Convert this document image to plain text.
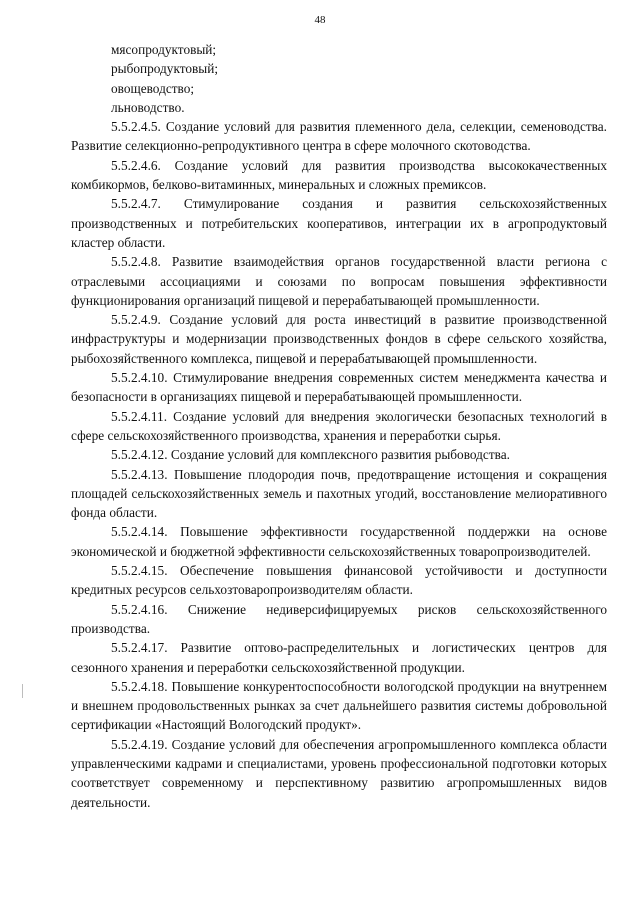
48

мясопродуктовый;

рыбопродуктовый;

овощеводство;

льноводство.

5.5.2.4.5. Создание условий для развития племенного дела, селекции, семеноводства. Развитие селекционно-репродуктивного центра в сфере молочного скотоводства.

5.5.2.4.6. Создание условий для развития производства высококачественных комбикормов, белково-витаминных, минеральных и сложных премиксов.

5.5.2.4.7. Стимулирование создания и развития сельскохозяйственных производственных и потребительских кооперативов, интеграции их в агропродуктовый кластер области.

5.5.2.4.8. Развитие взаимодействия органов государственной власти региона с отраслевыми ассоциациями и союзами по вопросам повышения эффективности функционирования организаций пищевой и перерабатывающей промышленности.

5.5.2.4.9. Создание условий для роста инвестиций в развитие производственной инфраструктуры и модернизации производственных фондов в сфере сельского хозяйства, рыбохозяйственного комплекса, пищевой и перерабатывающей промышленности.

5.5.2.4.10. Стимулирование внедрения современных систем менеджмента качества и безопасности в организациях пищевой и перерабатывающей промышленности.

5.5.2.4.11. Создание условий для внедрения экологически безопасных технологий в сфере сельскохозяйственного производства, хранения и переработки сырья.

5.5.2.4.12. Создание условий для комплексного развития рыбоводства.

5.5.2.4.13. Повышение плодородия почв, предотвращение истощения и сокращения площадей сельскохозяйственных земель и пахотных угодий, восстановление мелиоративного фонда области.

5.5.2.4.14. Повышение эффективности государственной поддержки на основе экономической и бюджетной эффективности сельскохозяйственных товаропроизводителей.

5.5.2.4.15. Обеспечение повышения финансовой устойчивости и доступности кредитных ресурсов сельхозтоваропроизводителям области.

5.5.2.4.16. Снижение недиверсифицируемых рисков сельскохозяйственного производства.

5.5.2.4.17. Развитие оптово-распределительных и логистических центров для сезонного хранения и переработки сельскохозяйственной продукции.

5.5.2.4.18. Повышение конкурентоспособности вологодской продукции на внутреннем и внешнем продовольственных рынках за счет дальнейшего развития системы добровольной сертификации «Настоящий Вологодский продукт».

5.5.2.4.19. Создание условий для обеспечения агропромышленного комплекса области управленческими кадрами и специалистами, уровень профессиональной подготовки которых соответствует современному и перспективному развитию агропромышленных видов деятельности.
